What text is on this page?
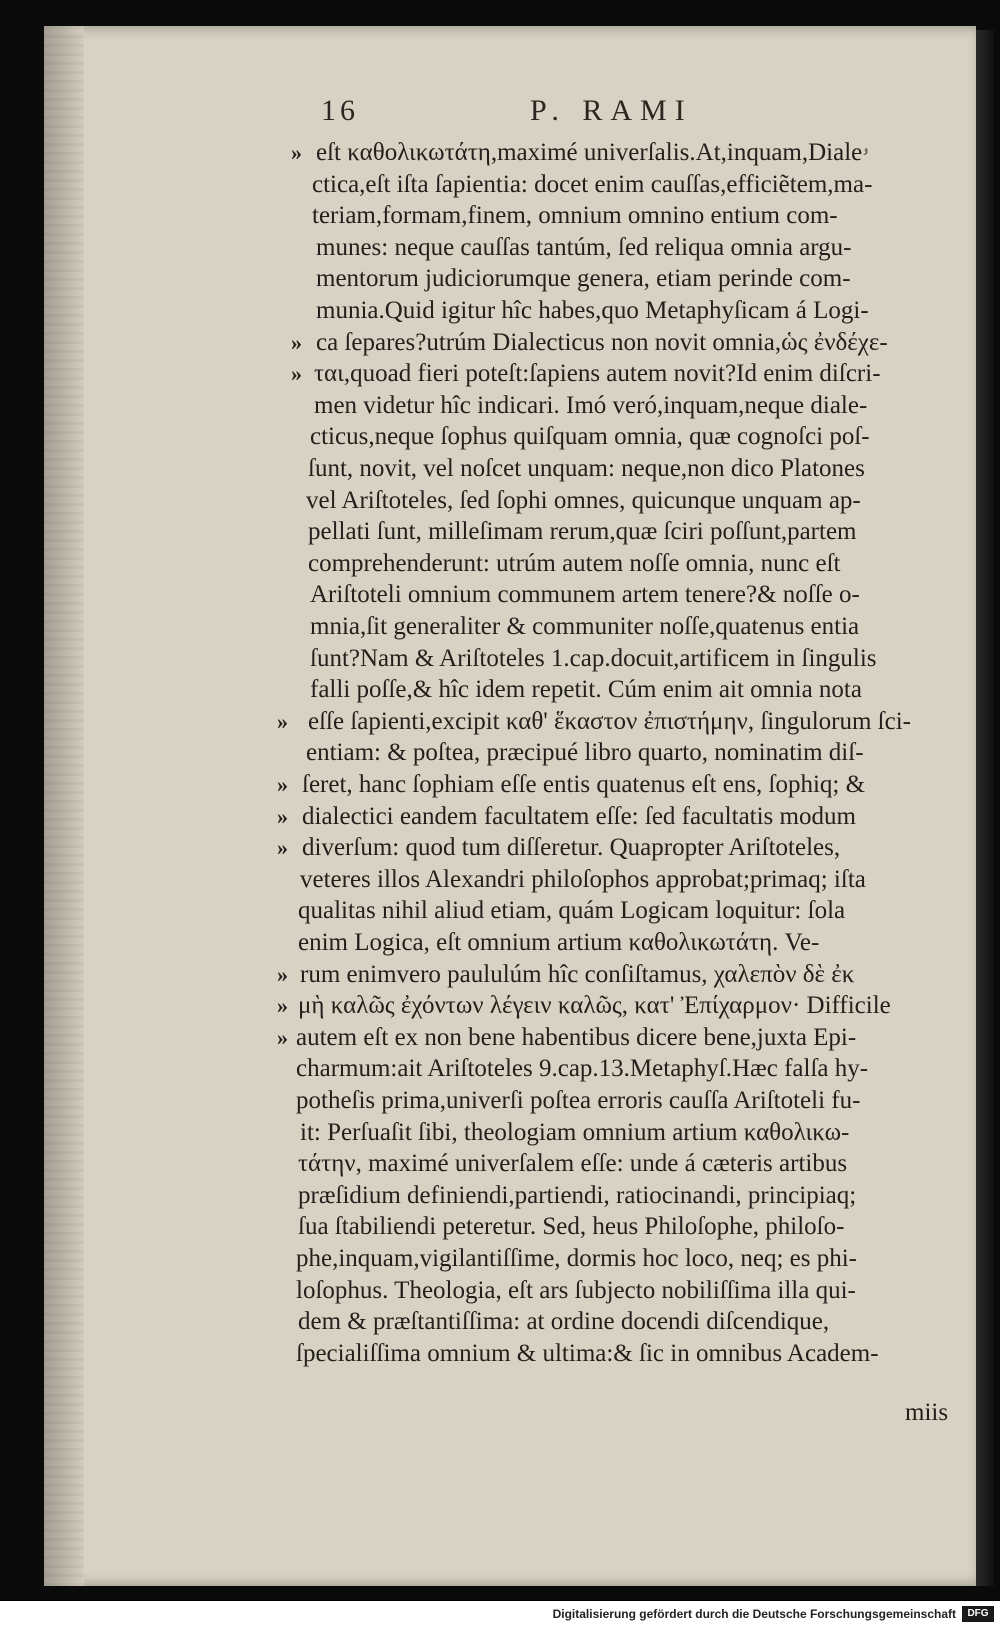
16	P. RAMI
eſt καθολικωτάτη,maximé univerſalis.At,inquam,Dialeۥ
ctica,eſt iſta ſapientia: docet enim cauſſas,efficiẽtem,ma-
teriam,formam,finem, omnium omnino entium com-
munes: neque cauſſas tantúm, ſed reliqua omnia argu-
mentorum judiciorumque genera, etiam perinde com-
munia.Quid igitur hîc habes,quo Metaphyſicam á Logi-
ca ſepares?utrúm Dialecticus non novit omnia,ὡς ἐνδέχε-
ται,quoad fieri poteſt:ſapiens autem novit?Id enim diſcri-
men videtur hîc indicari. Imó veró,inquam,neque diale-
cticus,neque ſophus quiſquam omnia, quæ cognoſci poſ-
ſunt, novit, vel noſcet unquam: neque,non dico Platones
vel Ariſtoteles, ſed ſophi omnes, quicunque unquam ap-
pellati ſunt, milleſimam rerum,quæ ſciri poſſunt,partem
comprehenderunt: utrúm autem noſſe omnia, nunc eſt
Ariſtoteli omnium communem artem tenere?& noſſe o-
mnia,ſit generaliter & communiter noſſe,quatenus entia
ſunt?Nam & Ariſtoteles 1.cap.docuit,artificem in ſingulis
falli poſſe,& hîc idem repetit. Cúm enim ait omnia nota
eſſe ſapienti,excipit καθ' ἕκαστον ἐπιστήμην, ſingulorum ſci-
entiam: & poſtea, præcipué libro quarto, nominatim diſ-
ſeret, hanc ſophiam eſſe entis quatenus eſt ens, ſophiq; &
dialectici eandem facultatem eſſe: ſed facultatis modum
diverſum: quod tum diſſeretur. Quapropter Ariſtoteles,
veteres illos Alexandri philoſophos approbat;primaq; iſta
qualitas nihil aliud etiam, quám Logicam loquitur: ſola
enim Logica, eſt omnium artium καθολικωτάτη. Ve-
rum enimvero paululúm hîc conſiſtamus, χαλεπὸν δὲ ἐκ
μὴ καλῶς ἐχόντων λέγειν καλῶς, κατ' Ἐπίχαρμον· Difficile
autem eſt ex non bene habentibus dicere bene,juxta Epi-
charmum:ait Ariſtoteles 9.cap.13.Metaphyſ.Hæc falſa hy-
potheſis prima,univerſi poſtea erroris cauſſa Ariſtoteli fu-
it: Perſuaſit ſibi, theologiam omnium artium καθολικω-
τάτην, maximé univerſalem eſſe: unde á cæteris artibus
præſidium definiendi,partiendi, ratiocinandi, principiaq;
ſua ſtabiliendi peteretur. Sed, heus Philoſophe, philoſo-
phe,inquam,vigilantiſſime, dormis hoc loco, neq; es phi-
loſophus. Theologia, eſt ars ſubjecto nobiliſſima illa qui-
dem & præſtantiſſima: at ordine docendi diſcendique,
ſpecialiſſima omnium & ultima:& ſic in omnibus Academ-
»
»
»
»
»
»
»
»
»
»
miis
Digitalisierung gefördert durch die Deutsche Forschungsgemeinschaft	DFG
